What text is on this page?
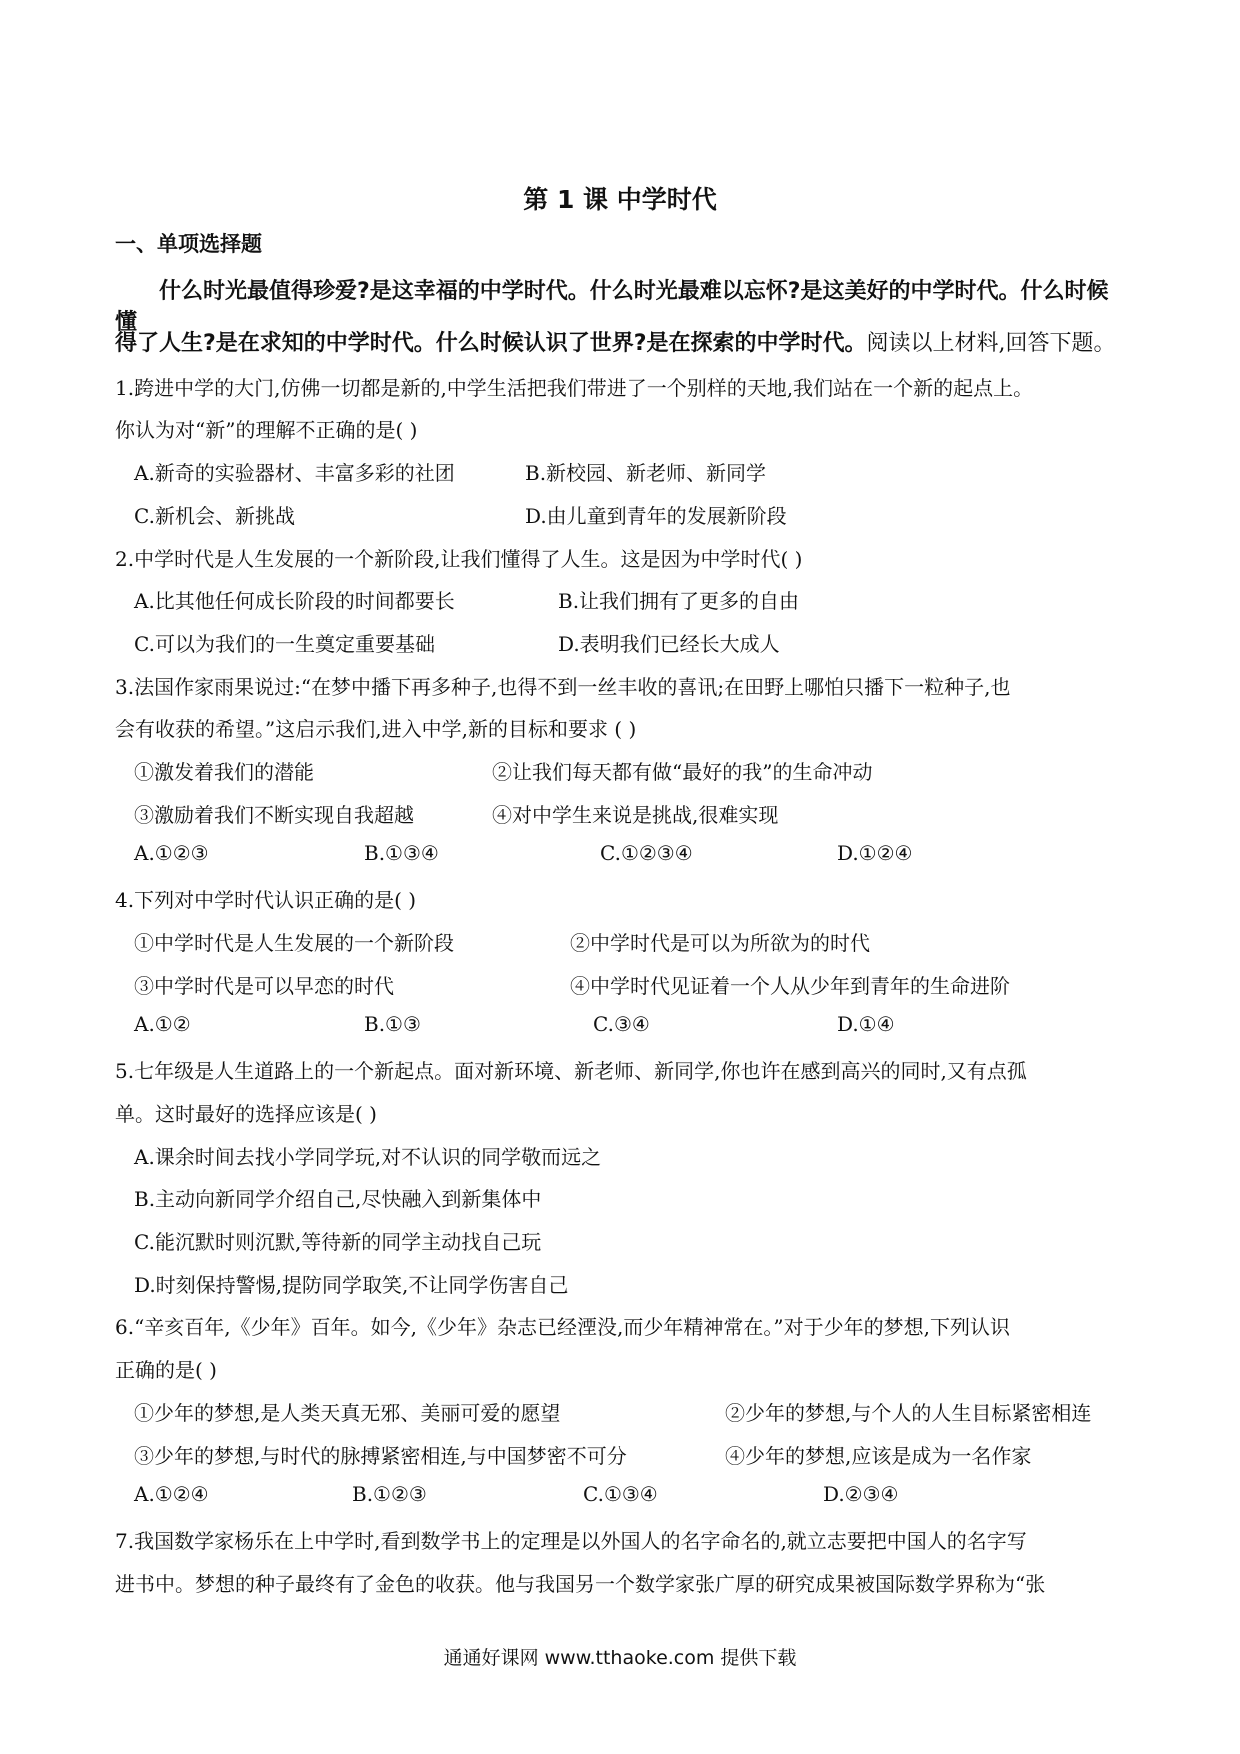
第 1 课 中学时代
一、单项选择题
什么时光最值得珍爱?是这幸福的中学时代。什么时光最难以忘怀?是这美好的中学时代。什么时候懂
得了人生?是在求知的中学时代。什么时候认识了世界?是在探索的中学时代。阅读以上材料,回答下题。
1.跨进中学的大门,仿佛一切都是新的,中学生活把我们带进了一个别样的天地,我们站在一个新的起点上。
你认为对“新”的理解不正确的是( )
A.新奇的实验器材、丰富多彩的社团	B.新校园、新老师、新同学
C.新机会、新挑战	D.由儿童到青年的发展新阶段
2.中学时代是人生发展的一个新阶段,让我们懂得了人生。这是因为中学时代( )
A.比其他任何成长阶段的时间都要长	B.让我们拥有了更多的自由
C.可以为我们的一生奠定重要基础	D.表明我们已经长大成人
3.法国作家雨果说过:“在梦中播下再多种子,也得不到一丝丰收的喜讯;在田野上哪怕只播下一粒种子,也
会有收获的希望。”这启示我们,进入中学,新的目标和要求 ( )
①激发着我们的潜能	②让我们每天都有做“最好的我”的生命冲动
③激励着我们不断实现自我超越	④对中学生来说是挑战,很难实现
A.①②③	B.①③④	C.①②③④	D.①②④
4.下列对中学时代认识正确的是( )
①中学时代是人生发展的一个新阶段	②中学时代是可以为所欲为的时代
③中学时代是可以早恋的时代	④中学时代见证着一个人从少年到青年的生命进阶
A.①②	B.①③	C.③④	D.①④
5.七年级是人生道路上的一个新起点。面对新环境、新老师、新同学,你也许在感到高兴的同时,又有点孤
单。这时最好的选择应该是( )
A.课余时间去找小学同学玩,对不认识的同学敬而远之
B.主动向新同学介绍自己,尽快融入到新集体中
C.能沉默时则沉默,等待新的同学主动找自己玩
D.时刻保持警惕,提防同学取笑,不让同学伤害自己
6.“辛亥百年,《少年》百年。如今,《少年》杂志已经湮没,而少年精神常在。”对于少年的梦想,下列认识
正确的是( )
①少年的梦想,是人类天真无邪、美丽可爱的愿望	②少年的梦想,与个人的人生目标紧密相连
③少年的梦想,与时代的脉搏紧密相连,与中国梦密不可分	④少年的梦想,应该是成为一名作家
A.①②④	B.①②③	C.①③④	D.②③④
7.我国数学家杨乐在上中学时,看到数学书上的定理是以外国人的名字命名的,就立志要把中国人的名字写
进书中。梦想的种子最终有了金色的收获。他与我国另一个数学家张广厚的研究成果被国际数学界称为“张
通通好课网 www.tthaoke.com 提供下载
